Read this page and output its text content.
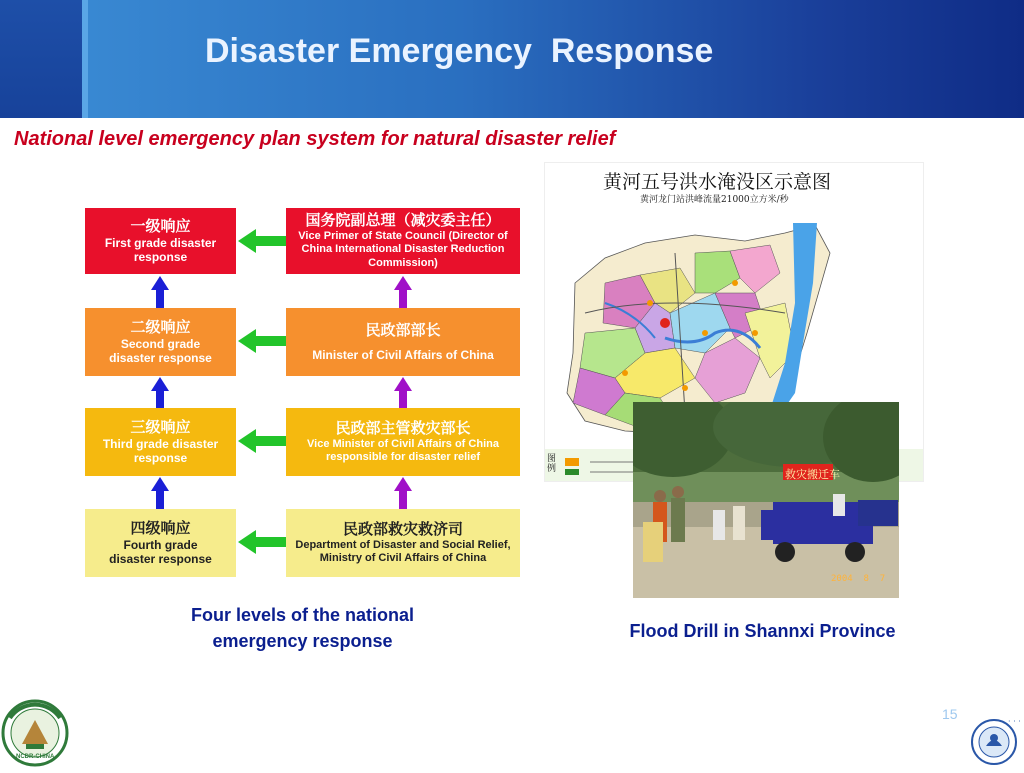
Disaster Emergency  Response
National level emergency plan system for natural disaster relief
一级响应
First grade disaster response
二级响应
Second grade disaster response
三级响应
Third grade disaster response
四级响应
Fourth grade disaster response
国务院副总理（减灾委主任）
Vice Primer of State Council (Director of China International Disaster Reduction Commission)
民政部部长
Minister of Civil Affairs of China
民政部主管救灾部长
Vice Minister of Civil Affairs of China responsible for disaster relief
民政部救灾救济司
Department of Disaster and Social Relief, Ministry of Civil Affairs of China
黄河五号洪水淹没区示意图
黄河龙门站洪峰流量21000立方米/秒
图例	救灾搬迁车
2004  8  7
Four levels of the national emergency response
Flood Drill in Shannxi Province
15
NCDR·CHINA
· · ·
